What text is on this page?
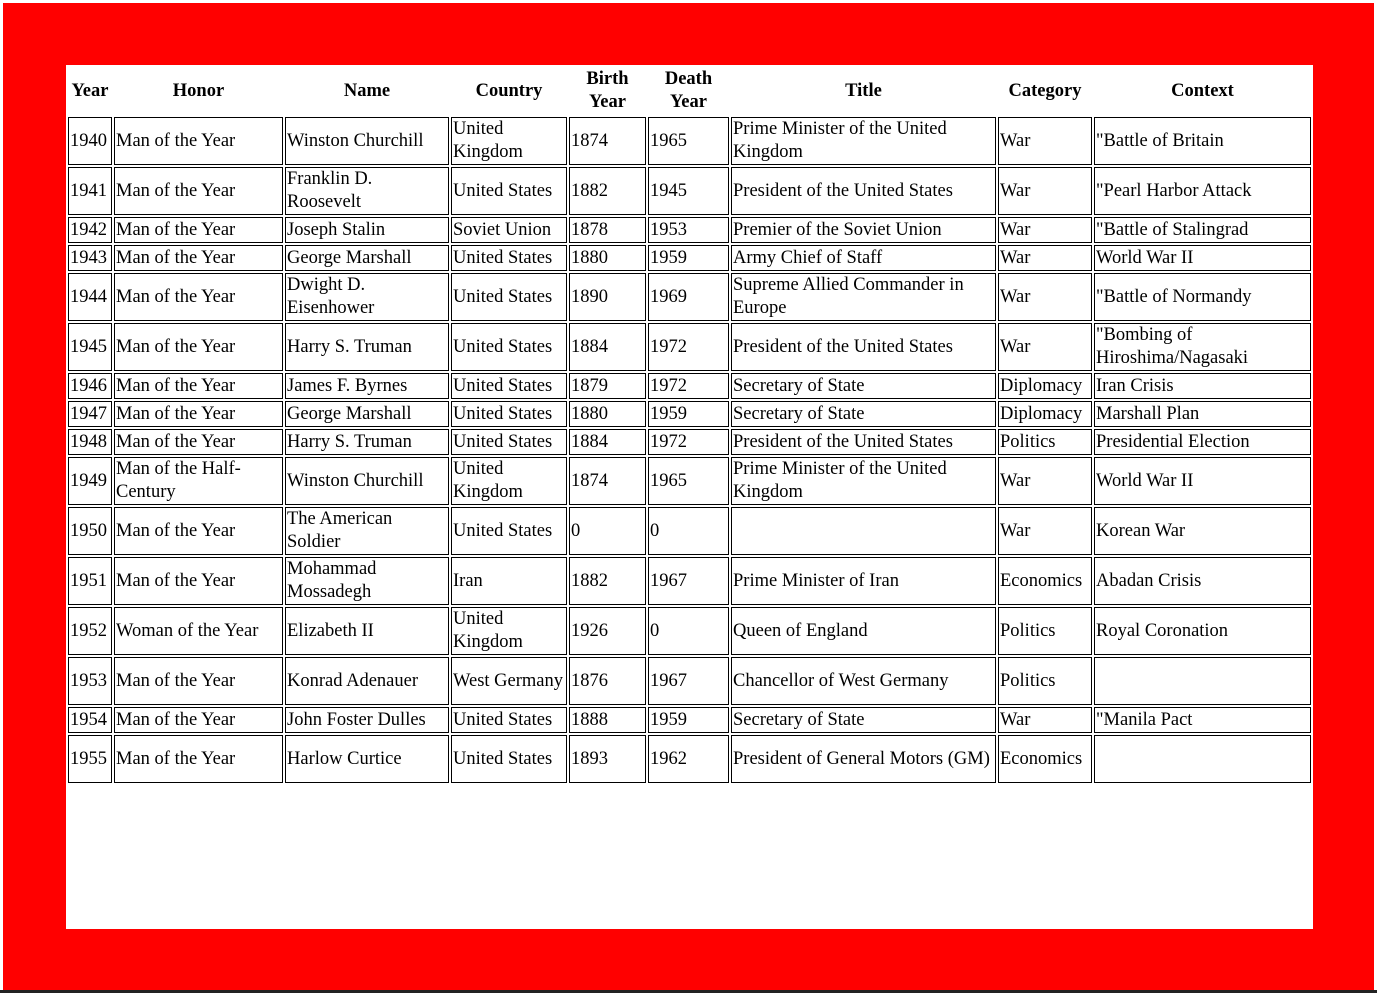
Year	Honor	Name	Country	Birth Year	Death Year	Title	Category	Context
1940	Man of the Year	Winston Churchill	United Kingdom	1874	1965	Prime Minister of the United Kingdom	War	"Battle of Britain
1941	Man of the Year	Franklin D. Roosevelt	United States	1882	1945	President of the United States	War	"Pearl Harbor Attack
1942	Man of the Year	Joseph Stalin	Soviet Union	1878	1953	Premier of the Soviet Union	War	"Battle of Stalingrad
1943	Man of the Year	George Marshall	United States	1880	1959	Army Chief of Staff	War	World War II
1944	Man of the Year	Dwight D. Eisenhower	United States	1890	1969	Supreme Allied Commander in Europe	War	"Battle of Normandy
1945	Man of the Year	Harry S. Truman	United States	1884	1972	President of the United States	War	"Bombing of Hiroshima/Nagasaki
1946	Man of the Year	James F. Byrnes	United States	1879	1972	Secretary of State	Diplomacy	Iran Crisis
1947	Man of the Year	George Marshall	United States	1880	1959	Secretary of State	Diplomacy	Marshall Plan
1948	Man of the Year	Harry S. Truman	United States	1884	1972	President of the United States	Politics	Presidential Election
1949	Man of the Half-Century	Winston Churchill	United Kingdom	1874	1965	Prime Minister of the United Kingdom	War	World War II
1950	Man of the Year	The American Soldier	United States	0	0		War	Korean War
1951	Man of the Year	Mohammad Mossadegh	Iran	1882	1967	Prime Minister of Iran	Economics	Abadan Crisis
1952	Woman of the Year	Elizabeth II	United Kingdom	1926	0	Queen of England	Politics	Royal Coronation
1953	Man of the Year	Konrad Adenauer	West Germany	1876	1967	Chancellor of West Germany	Politics	
1954	Man of the Year	John Foster Dulles	United States	1888	1959	Secretary of State	War	"Manila Pact
1955	Man of the Year	Harlow Curtice	United States	1893	1962	President of General Motors (GM)	Economics	
